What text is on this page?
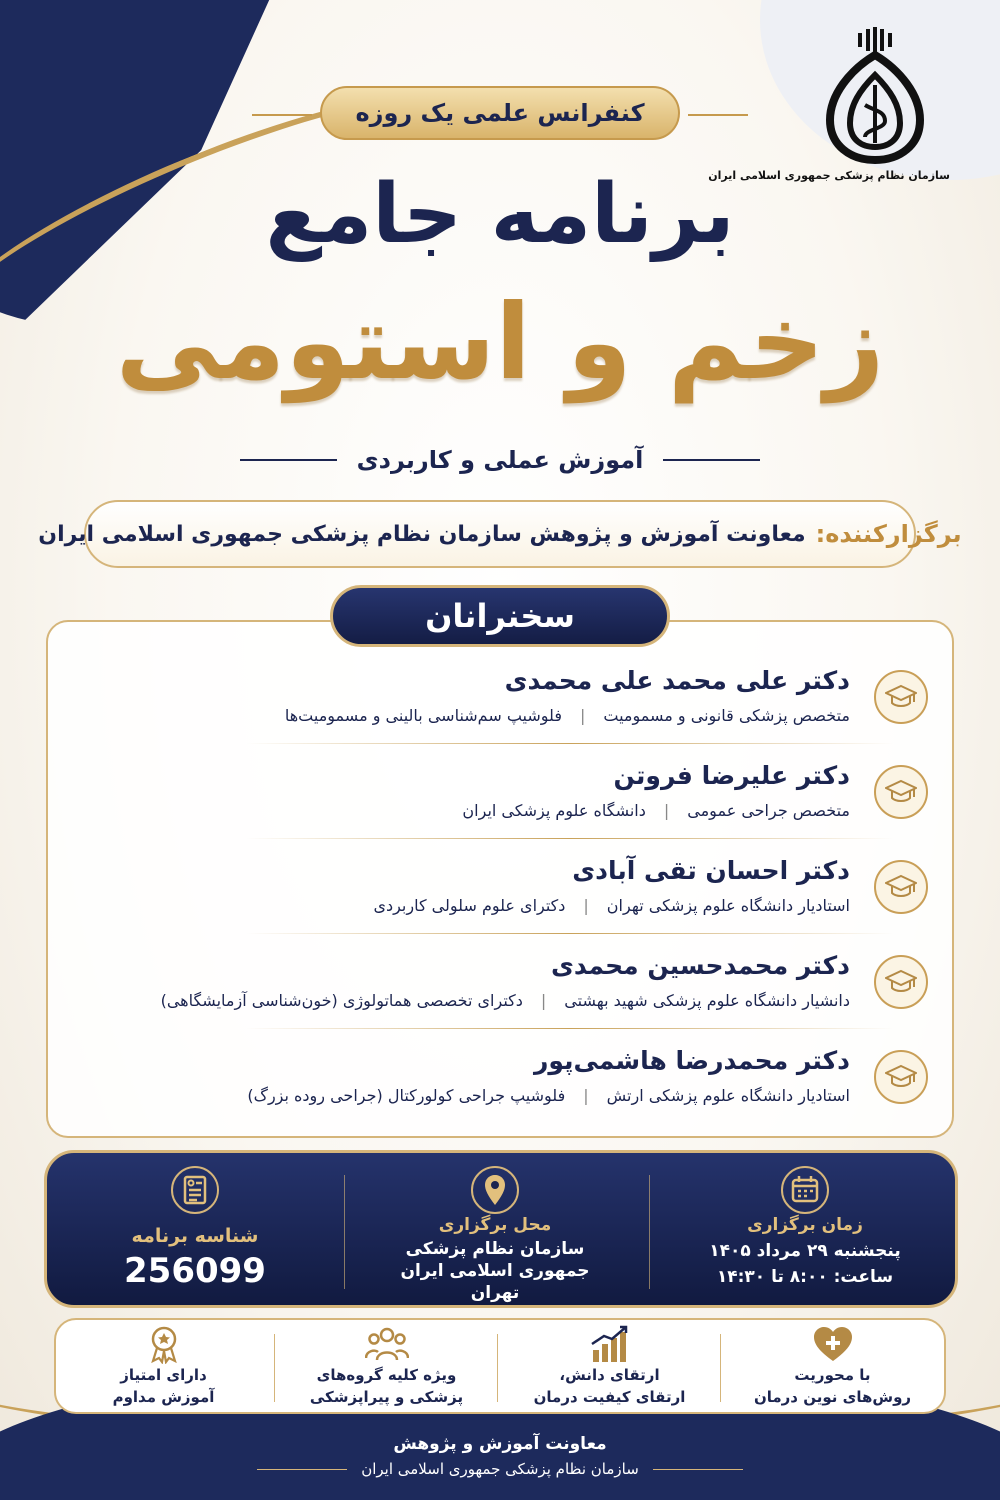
سازمان نظام پزشکی جمهوری اسلامی ایران
کنفرانس علمی یک روزه
برنامه جامع
زخم و استومی
آموزش عملی و کاربردی
برگزارکننده:
معاونت آموزش و پژوهش سازمان نظام پزشکی جمهوری اسلامی ایران
سخنرانان
دکتر علی محمد علی محمدی
متخصص پزشکی قانونی و مسمومیت
|
فلوشیپ سم‌شناسی بالینی و مسمومیت‌ها
دکتر علیرضا فروتن
متخصص جراحی عمومی
|
دانشگاه علوم پزشکی ایران
دکتر احسان تقی آبادی
استادیار دانشگاه علوم پزشکی تهران
|
دکترای علوم سلولی کاربردی
دکتر محمدحسین محمدی
دانشیار دانشگاه علوم پزشکی شهید بهشتی
|
دکترای تخصصی هماتولوژی (خون‌شناسی آزمایشگاهی)
دکتر محمدرضا هاشمی‌پور
استادیار دانشگاه علوم پزشکی ارتش
|
فلوشیپ جراحی کولورکتال (جراحی روده بزرگ)
زمان برگزاری
پنجشنبه ۲۹ مرداد ۱۴۰۵
ساعت: ۸:۰۰ تا ۱۴:۳۰
محل برگزاری
سازمان نظام پزشکی
جمهوری اسلامی ایران
تهران
شناسه برنامه
256099
با محوریت
روش‌های نوین درمان
ارتقای دانش،
ارتقای کیفیت درمان
ویژه کلیه گروه‌های
پزشکی و پیراپزشکی
دارای امتیاز
آموزش مداوم
معاونت آموزش و پژوهش
سازمان نظام پزشکی جمهوری اسلامی ایران
